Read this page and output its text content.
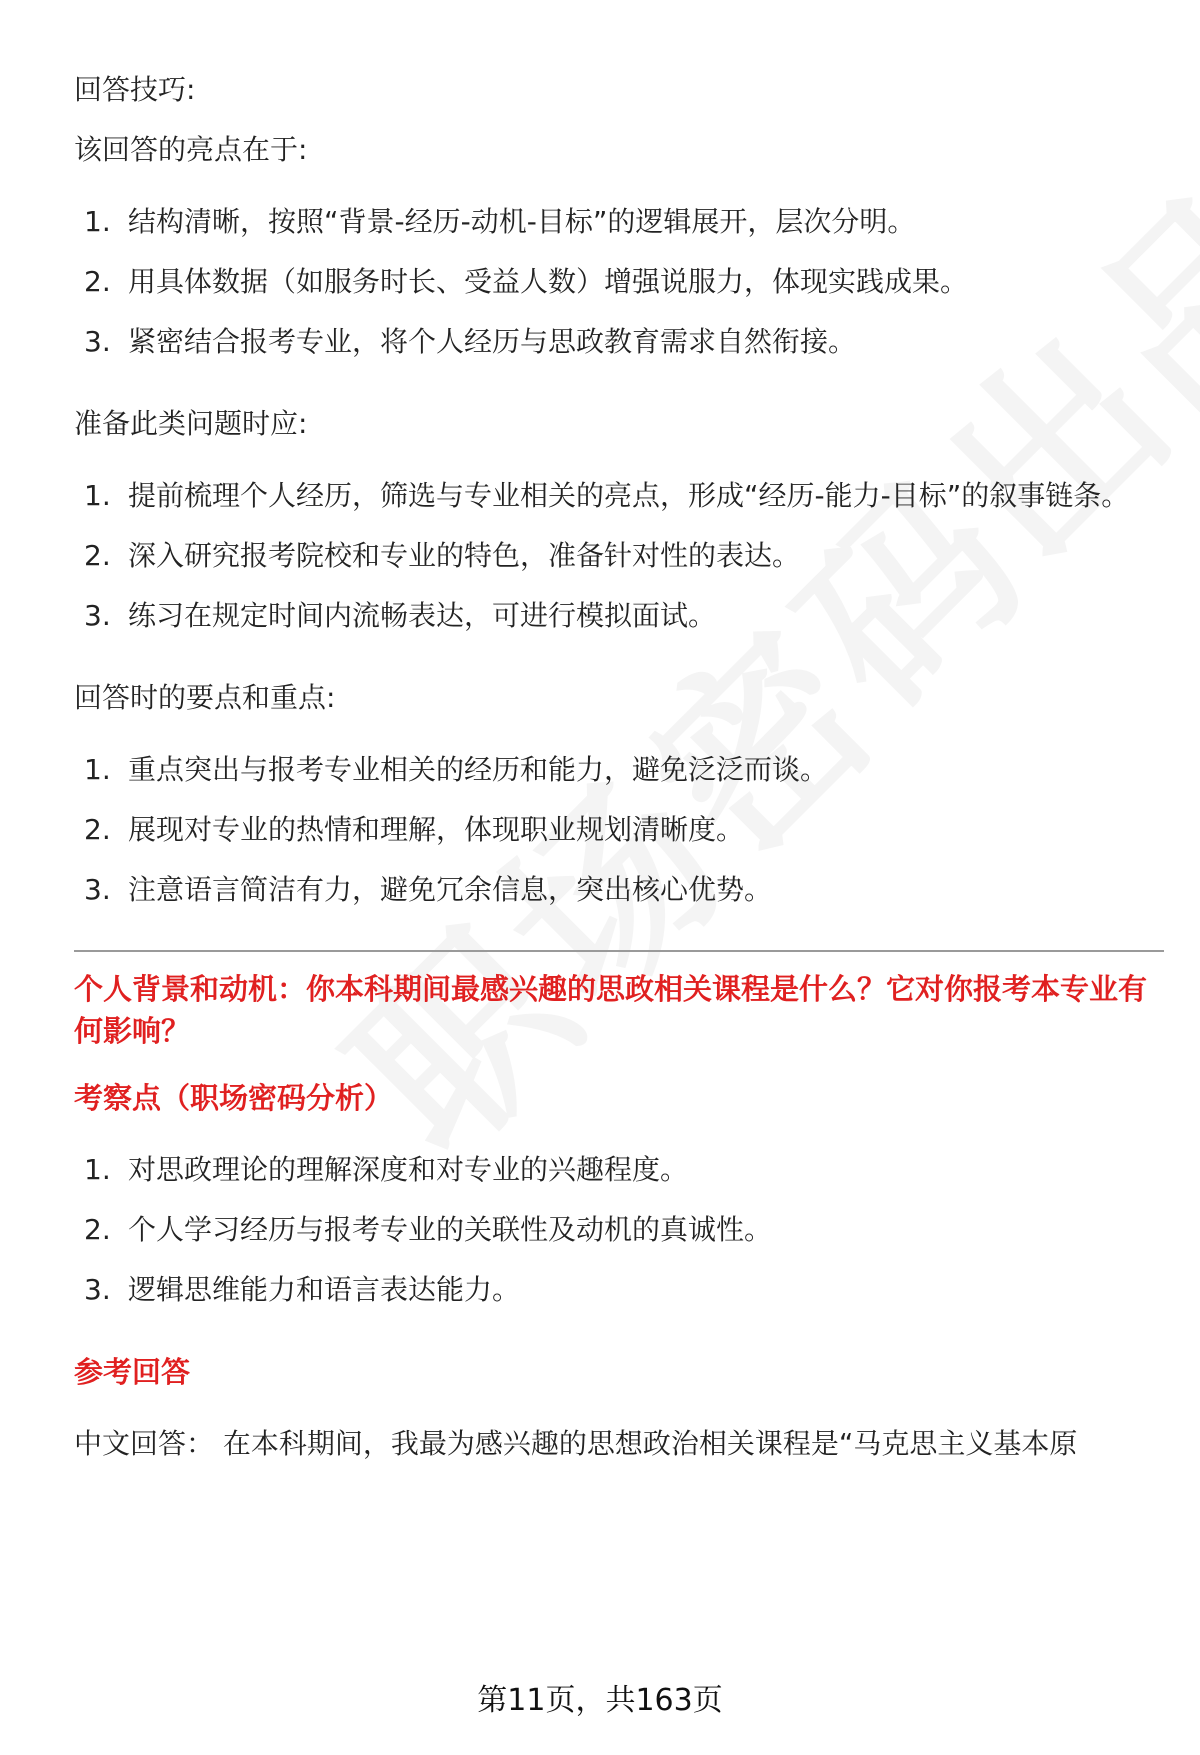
回答技巧:

该回答的亮点在于:

1. 结构清晰，按照“背景-经历-动机-目标”的逻辑展开，层次分明。
2. 用具体数据（如服务时长、受益人数）增强说服力，体现实践成果。
3. 紧密结合报考专业，将个人经历与思政教育需求自然衔接。

准备此类问题时应:

1. 提前梳理个人经历，筛选与专业相关的亮点，形成“经历-能力-目标”的叙事链条。
2. 深入研究报考院校和专业的特色，准备针对性的表达。
3. 练习在规定时间内流畅表达，可进行模拟面试。

回答时的要点和重点:

1. 重点突出与报考专业相关的经历和能力，避免泛泛而谈。
2. 展现对专业的热情和理解，体现职业规划清晰度。
3. 注意语言简洁有力，避免冗余信息，突出核心优势。

个人背景和动机：你本科期间最感兴趣的思政相关课程是什么？它对你报考本专业有何影响？

考察点（职场密码分析）

1. 对思政理论的理解深度和对专业的兴趣程度。
2. 个人学习经历与报考专业的关联性及动机的真诚性。
3. 逻辑思维能力和语言表达能力。

参考回答

中文回答： 在本科期间，我最为感兴趣的思想政治相关课程是“马克思主义基本原

第11页，共163页
